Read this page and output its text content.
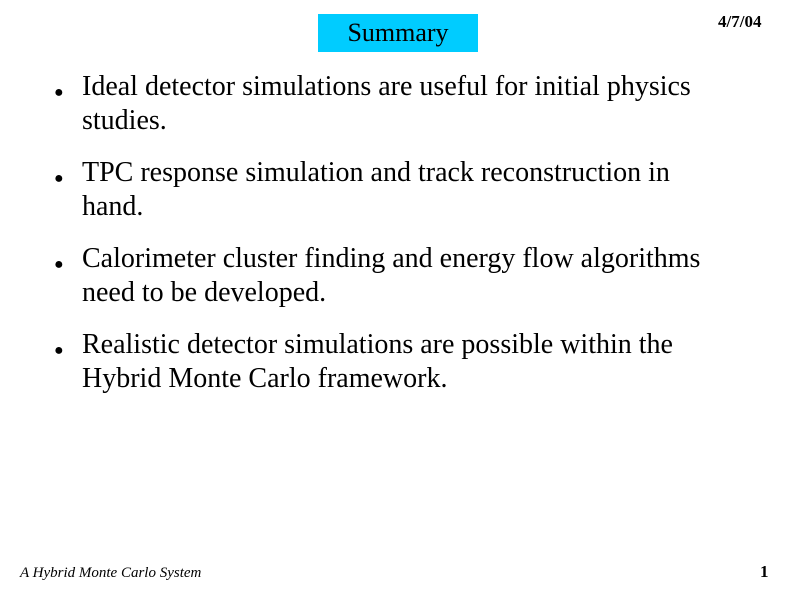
Summary	4/7/04
● Ideal detector simulations are useful for initial physics studies.
● TPC response simulation and track reconstruction in hand.
● Calorimeter cluster finding and energy flow algorithms need to be developed.
● Realistic detector simulations are possible within the Hybrid Monte Carlo framework.
A Hybrid Monte Carlo System	1
